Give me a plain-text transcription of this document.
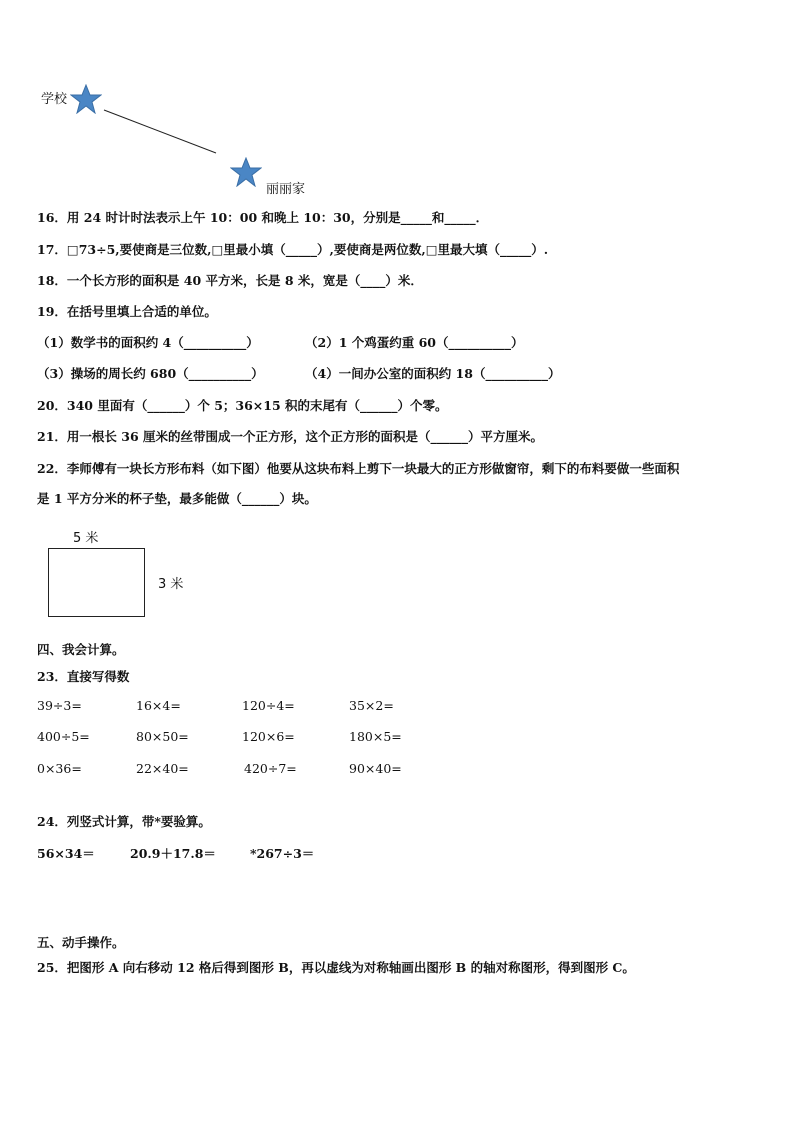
学校
丽丽家
16．用 24 时计时法表示上午 10：00 和晚上 10：30，分别是_____和_____．
17．□73÷5,要使商是三位数,□里最小填（_____）,要使商是两位数,□里最大填（_____）.
18．一个长方形的面积是 40 平方米，长是 8 米，宽是（____）米．
19．在括号里填上合适的单位。
（1）数学书的面积约 4（__________）	（2）1 个鸡蛋约重 60（__________）
（3）操场的周长约 680（__________）	（4）一间办公室的面积约 18（__________）
20．340 里面有（______）个 5；36×15 积的末尾有（______）个零。
21．用一根长 36 厘米的丝带围成一个正方形，这个正方形的面积是（______）平方厘米。
22．李师傅有一块长方形布料（如下图）他要从这块布料上剪下一块最大的正方形做窗帘，剩下的布料要做一些面积
是 1 平方分米的杯子垫，最多能做（______）块。
5 米
3 米
四、我会计算。
23．直接写得数
39÷3=	16×4=	120÷4=	35×2=
400÷5=	80×50=	120×6=	180×5=
0×36=	22×40=	420÷7=	90×40=
24．列竖式计算，带*要验算。
56×34＝	20.9＋17.8＝	*267÷3＝
五、动手操作。
25．把图形 A 向右移动 12 格后得到图形 B，再以虚线为对称轴画出图形 B 的轴对称图形，得到图形 C。
